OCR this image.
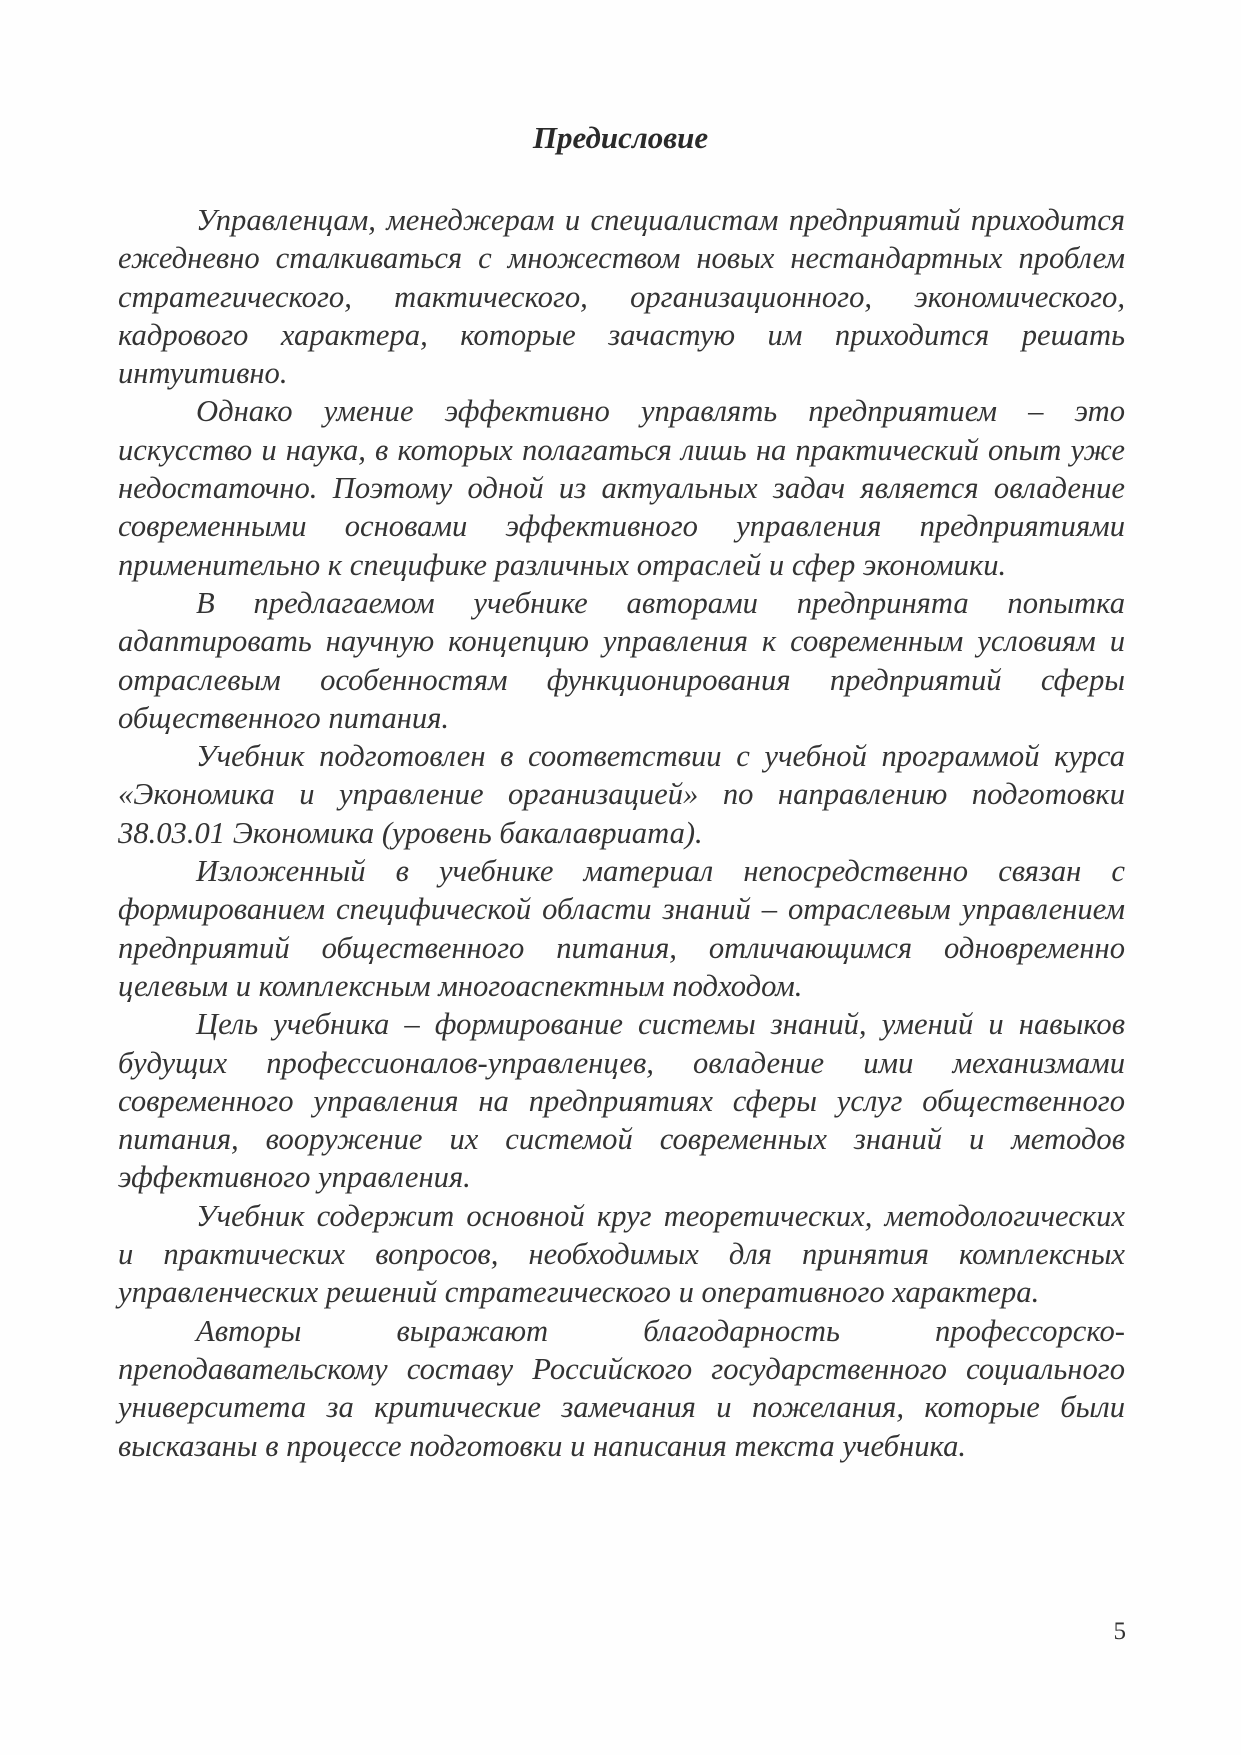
Предисловие

Управленцам, менеджерам и специалистам предприятий приходится ежедневно сталкиваться с множеством новых нестандартных проблем стратегического, тактического, организационного, экономического, кадрового характера, которые зачастую им приходится решать интуитивно.

Однако умение эффективно управлять предприятием – это искусство и наука, в которых полагаться лишь на практический опыт уже недостаточно. Поэтому одной из актуальных задач является овладение современными основами эффективного управления предприятиями применительно к специфике различных отраслей и сфер экономики.

В предлагаемом учебнике авторами предпринята попытка адаптировать научную концепцию управления к современным условиям и отраслевым особенностям функционирования предприятий сферы общественного питания.

Учебник подготовлен в соответствии с учебной программой курса «Экономика и управление организацией» по направлению подготовки 38.03.01 Экономика (уровень бакалавриата).

Изложенный в учебнике материал непосредственно связан с формированием специфической области знаний – отраслевым управлением предприятий общественного питания, отличающимся одновременно целевым и комплексным многоаспектным подходом.

Цель учебника – формирование системы знаний, умений и навыков будущих профессионалов-управленцев, овладение ими механизмами современного управления на предприятиях сферы услуг общественного питания, вооружение их системой современных знаний и методов эффективного управления.

Учебник содержит основной круг теоретических, методологических и практических вопросов, необходимых для принятия комплексных управленческих решений стратегического и оперативного характера.

Авторы выражают благодарность профессорско-преподавательскому составу Российского государственного социального университета за критические замечания и пожелания, которые были высказаны в процессе подготовки и написания текста учебника.

5
